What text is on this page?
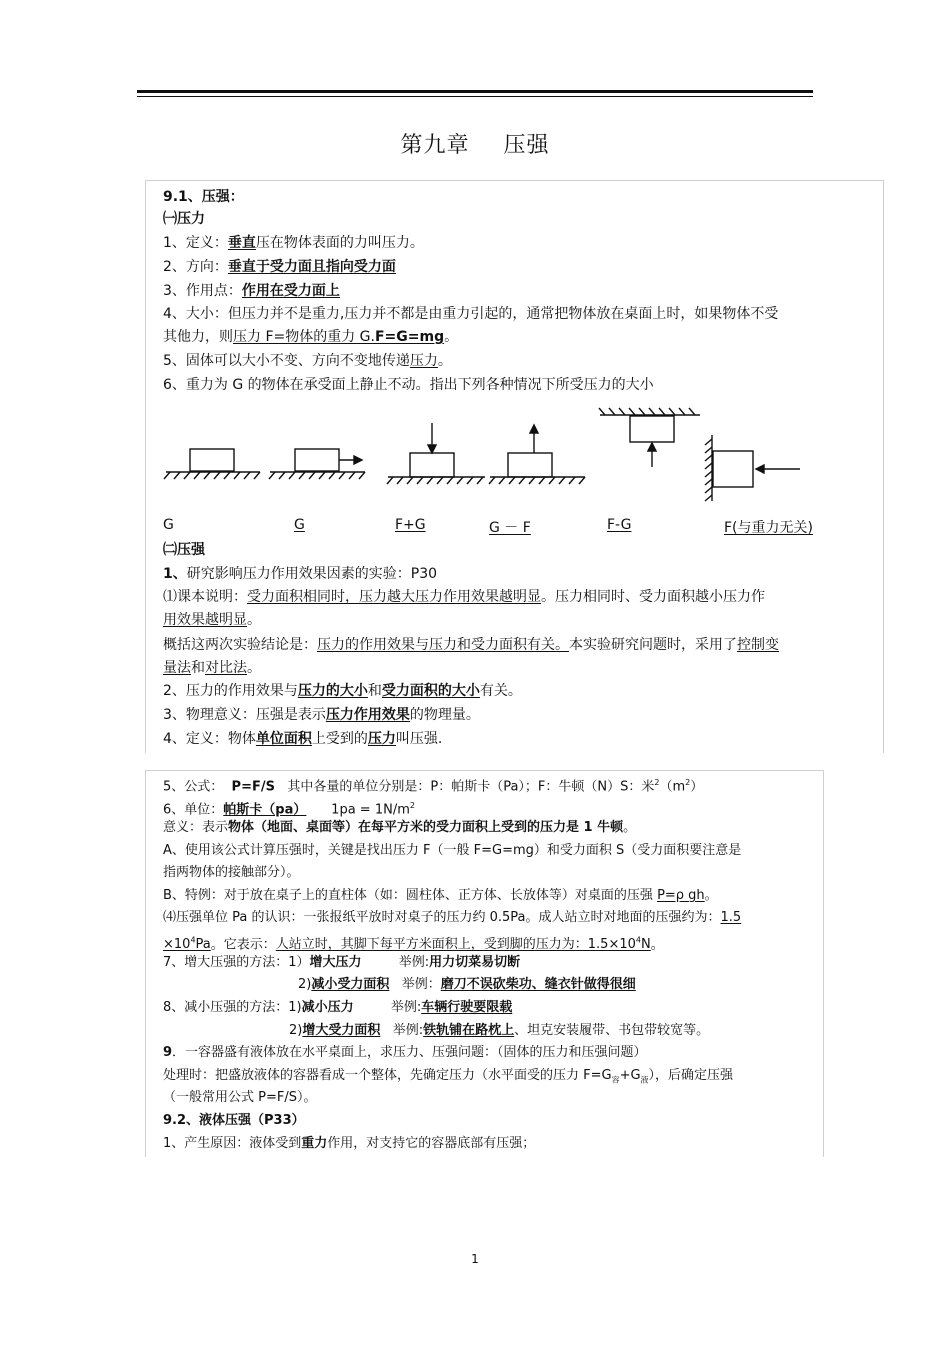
第九章 压强
9.1、压强：
㈠压力
1、定义：垂直压在物体表面的力叫压力。
2、方向：垂直于受力面且指向受力面
3、作用点：作用在受力面上
4、大小：但压力并不是重力,压力并不都是由重力引起的，通常把物体放在桌面上时，如果物体不受
其他力，则压力 F=物体的重力 G.F=G=mg。
5、固体可以大小不变、方向不变地传递压力。
6、重力为 G 的物体在承受面上静止不动。指出下列各种情况下所受压力的大小
G	G	F+G	G － F	F-G	F(与重力无关)
㈡压强
1、研究影响压力作用效果因素的实验：P30
⑴课本说明：受力面积相同时，压力越大压力作用效果越明显。压力相同时、受力面积越小压力作
用效果越明显。
概括这两次实验结论是：压力的作用效果与压力和受力面积有关。本实验研究问题时，采用了控制变
量法和对比法。
2、压力的作用效果与压力的大小和受力面积的大小有关。
3、物理意义：压强是表示压力作用效果的物理量。
4、定义：物体单位面积上受到的压力叫压强.
5、公式： P=F/S 其中各量的单位分别是：P：帕斯卡（Pa）；F：牛顿（N）S：米$^2(m^2)$
6、单位：帕斯卡（pa） $1pa = 1N/m^2$
意义：表示物体（地面、桌面等）在每平方米的受力面积上受到的压力是 1 牛顿。
A、使用该公式计算压强时，关键是找出压力 F（一般 F=G=mg）和受力面积 S（受力面积要注意是
指两物体的接触部分）。
B、特例：对于放在桌子上的直柱体（如：圆柱体、正方体、长放体等）对桌面的压强 P=ρ gh。
⑷压强单位 Pa 的认识：一张报纸平放时对桌子的压力约 0.5Pa。成人站立时对地面的压强约为：1.5
$\times 10^4Pa$。它表示：人站立时，其脚下每平方米面积上，受到脚的压力为：$1.5\times 10^4N$。
7、增大压强的方法：1）增大压力	举例:用力切菜易切断
2)减小受力面积 举例：磨刀不误砍柴功、缝衣针做得很细
8、减小压强的方法：1)减小压力	举例:车辆行驶要限载
2)增大受力面积 举例:铁轨铺在路枕上、坦克安装履带、书包带较宽等。
9．一容器盛有液体放在水平桌面上，求压力、压强问题：（固体的压力和压强问题）
处理时：把盛放液体的容器看成一个整体，先确定压力（水平面受的压力 $F=G_容+G_液$），后确定压强
（一般常用公式 P=F/S）。
9.2、液体压强（P33）
1、产生原因：液体受到重力作用，对支持它的容器底部有压强；
1
